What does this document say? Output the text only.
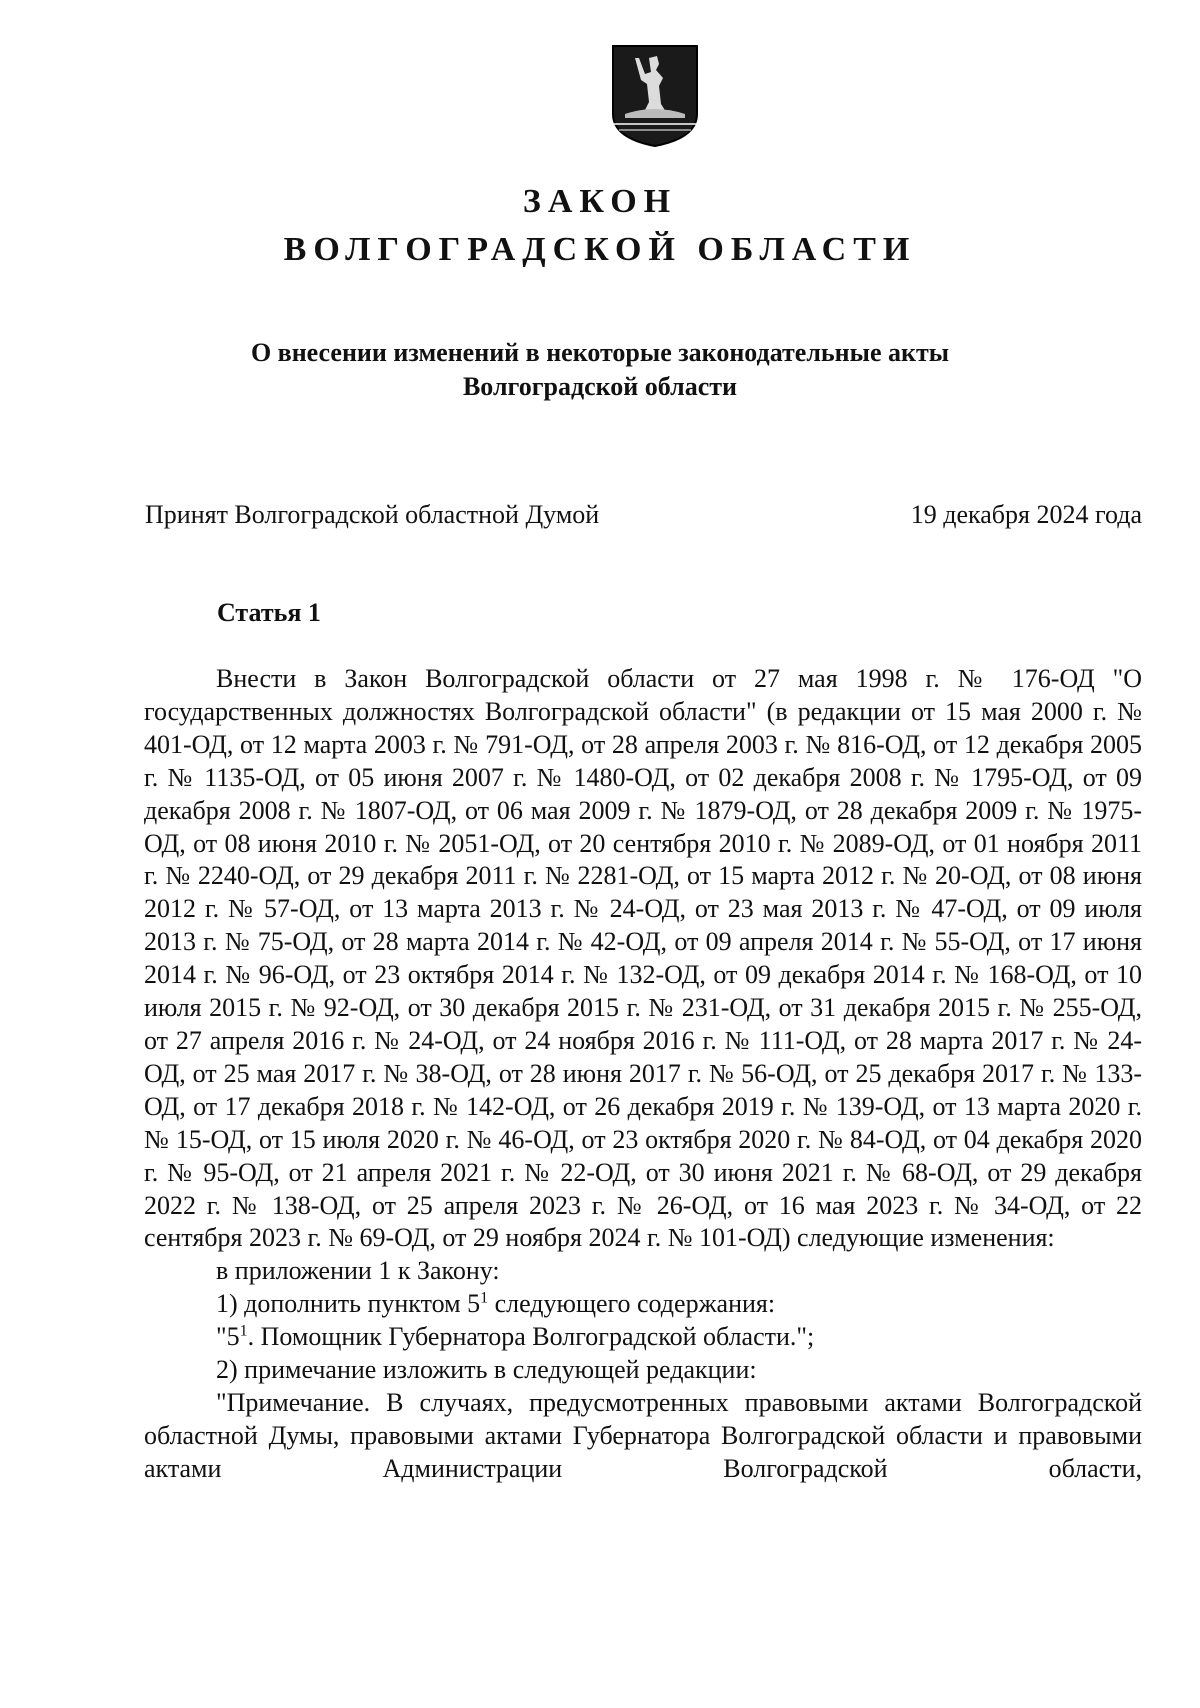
ЗАКОН
ВОЛГОГРАДСКОЙ ОБЛАСТИ
О внесении изменений в некоторые законодательные акты
Волгоградской области
Принят Волгоградской областной Думой	19 декабря 2024 года
Статья 1

Внести в Закон Волгоградской области от 27 мая 1998 г. № 176-ОД "О государственных должностях Волгоградской области" (в редакции от 15 мая 2000 г. № 401-ОД, от 12 марта 2003 г. № 791-ОД, от 28 апреля 2003 г. № 816-ОД, от 12 декабря 2005 г. № 1135-ОД, от 05 июня 2007 г. № 1480-ОД, от 02 декабря 2008 г. № 1795-ОД, от 09 декабря 2008 г. № 1807-ОД, от 06 мая 2009 г. № 1879-ОД, от 28 декабря 2009 г. № 1975-ОД, от 08 июня 2010 г. № 2051-ОД, от 20 сентября 2010 г. № 2089-ОД, от 01 ноября 2011 г. № 2240-ОД, от 29 декабря 2011 г. № 2281-ОД, от 15 марта 2012 г. № 20-ОД, от 08 июня 2012 г. № 57-ОД, от 13 марта 2013 г. № 24-ОД, от 23 мая 2013 г. № 47-ОД, от 09 июля 2013 г. № 75-ОД, от 28 марта 2014 г. № 42-ОД, от 09 апреля 2014 г. № 55-ОД, от 17 июня 2014 г. № 96-ОД, от 23 октября 2014 г. № 132-ОД, от 09 декабря 2014 г. № 168-ОД, от 10 июля 2015 г. № 92-ОД, от 30 декабря 2015 г. № 231-ОД, от 31 декабря 2015 г. № 255-ОД, от 27 апреля 2016 г. № 24-ОД, от 24 ноября 2016 г. № 111-ОД, от 28 марта 2017 г. № 24-ОД, от 25 мая 2017 г. № 38-ОД, от 28 июня 2017 г. № 56-ОД, от 25 декабря 2017 г. № 133-ОД, от 17 декабря 2018 г. № 142-ОД, от 26 декабря 2019 г. № 139-ОД, от 13 марта 2020 г. № 15-ОД, от 15 июля 2020 г. № 46-ОД, от 23 октября 2020 г. № 84-ОД, от 04 декабря 2020 г. № 95-ОД, от 21 апреля 2021 г. № 22-ОД, от 30 июня 2021 г. № 68-ОД, от 29 декабря 2022 г. № 138-ОД, от 25 апреля 2023 г. № 26-ОД, от 16 мая 2023 г. № 34-ОД, от 22 сентября 2023 г. № 69-ОД, от 29 ноября 2024 г. № 101-ОД) следующие изменения:

в приложении 1 к Закону:

1) дополнить пунктом $5^1$ следующего содержания:

"$5^1$. Помощник Губернатора Волгоградской области.";

2) примечание изложить в следующей редакции:

"Примечание. В случаях, предусмотренных правовыми актами Волгоградской областной Думы, правовыми актами Губернатора Волгоградской области и правовыми актами Администрации Волгоградской области,
